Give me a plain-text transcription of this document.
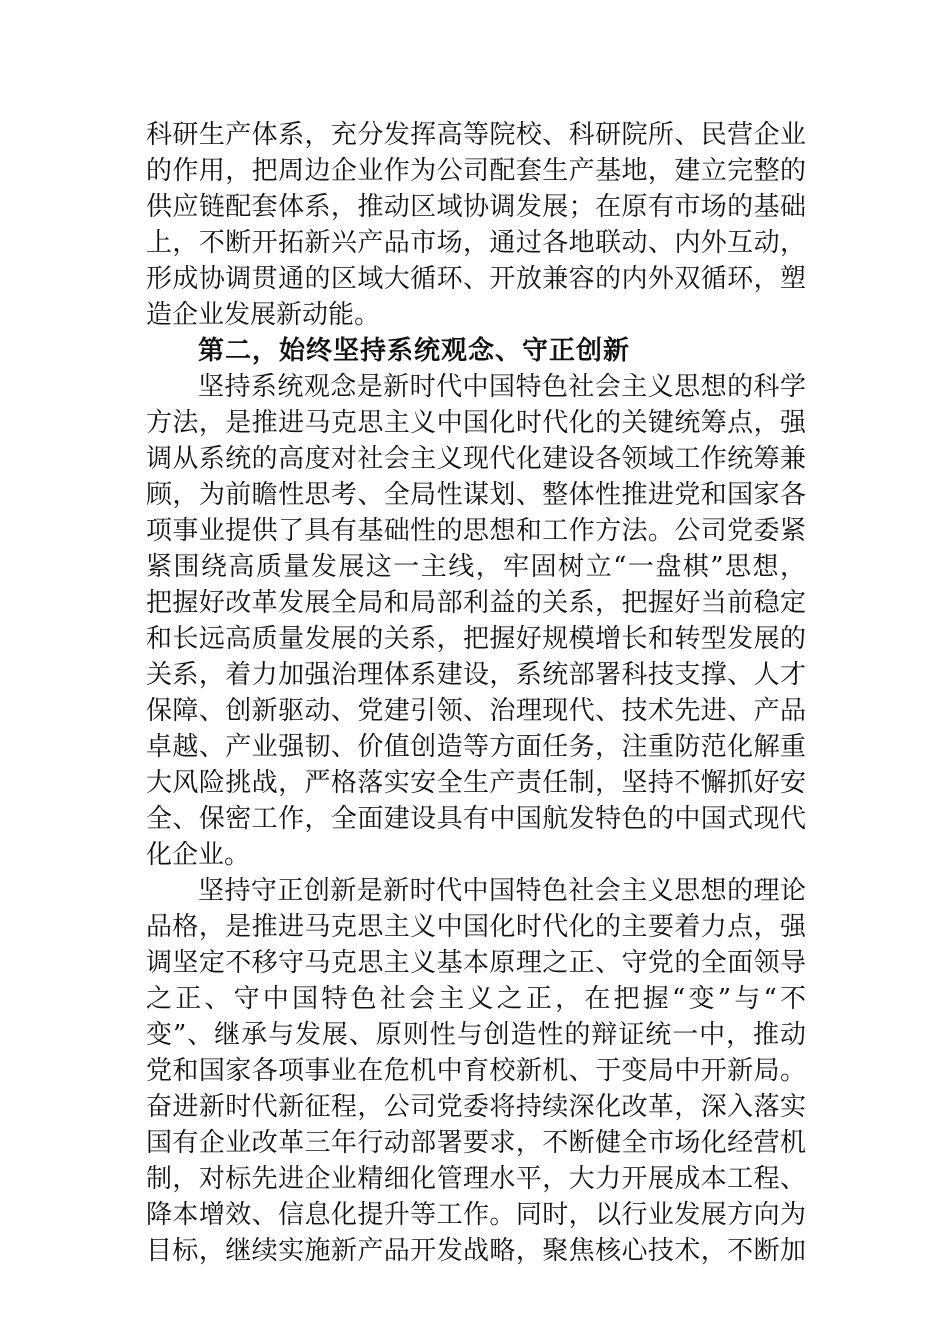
科研生产体系，充分发挥高等院校、科研院所、民营企业
的作用，把周边企业作为公司配套生产基地，建立完整的
供应链配套体系，推动区域协调发展；在原有市场的基础
上，不断开拓新兴产品市场，通过各地联动、内外互动，
形成协调贯通的区域大循环、开放兼容的内外双循环，塑
造企业发展新动能。
第二，始终坚持系统观念、守正创新
坚持系统观念是新时代中国特色社会主义思想的科学
方法，是推进马克思主义中国化时代化的关键统筹点，强
调从系统的高度对社会主义现代化建设各领域工作统筹兼
顾，为前瞻性思考、全局性谋划、整体性推进党和国家各
项事业提供了具有基础性的思想和工作方法。公司党委紧
紧围绕高质量发展这一主线，牢固树立“一盘棋”思想，
把握好改革发展全局和局部利益的关系，把握好当前稳定
和长远高质量发展的关系，把握好规模增长和转型发展的
关系，着力加强治理体系建设，系统部署科技支撑、人才
保障、创新驱动、党建引领、治理现代、技术先进、产品
卓越、产业强韧、价值创造等方面任务，注重防范化解重
大风险挑战，严格落实安全生产责任制，坚持不懈抓好安
全、保密工作，全面建设具有中国航发特色的中国式现代
化企业。
坚持守正创新是新时代中国特色社会主义思想的理论
品格，是推进马克思主义中国化时代化的主要着力点，强
调坚定不移守马克思主义基本原理之正、守党的全面领导
之正、守中国特色社会主义之正，在把握“变”与“不
变”、继承与发展、原则性与创造性的辩证统一中，推动
党和国家各项事业在危机中育校新机、于变局中开新局。
奋进新时代新征程，公司党委将持续深化改革，深入落实
国有企业改革三年行动部署要求，不断健全市场化经营机
制，对标先进企业精细化管理水平，大力开展成本工程、
降本增效、信息化提升等工作。同时，以行业发展方向为
目标，继续实施新产品开发战略，聚焦核心技术，不断加
